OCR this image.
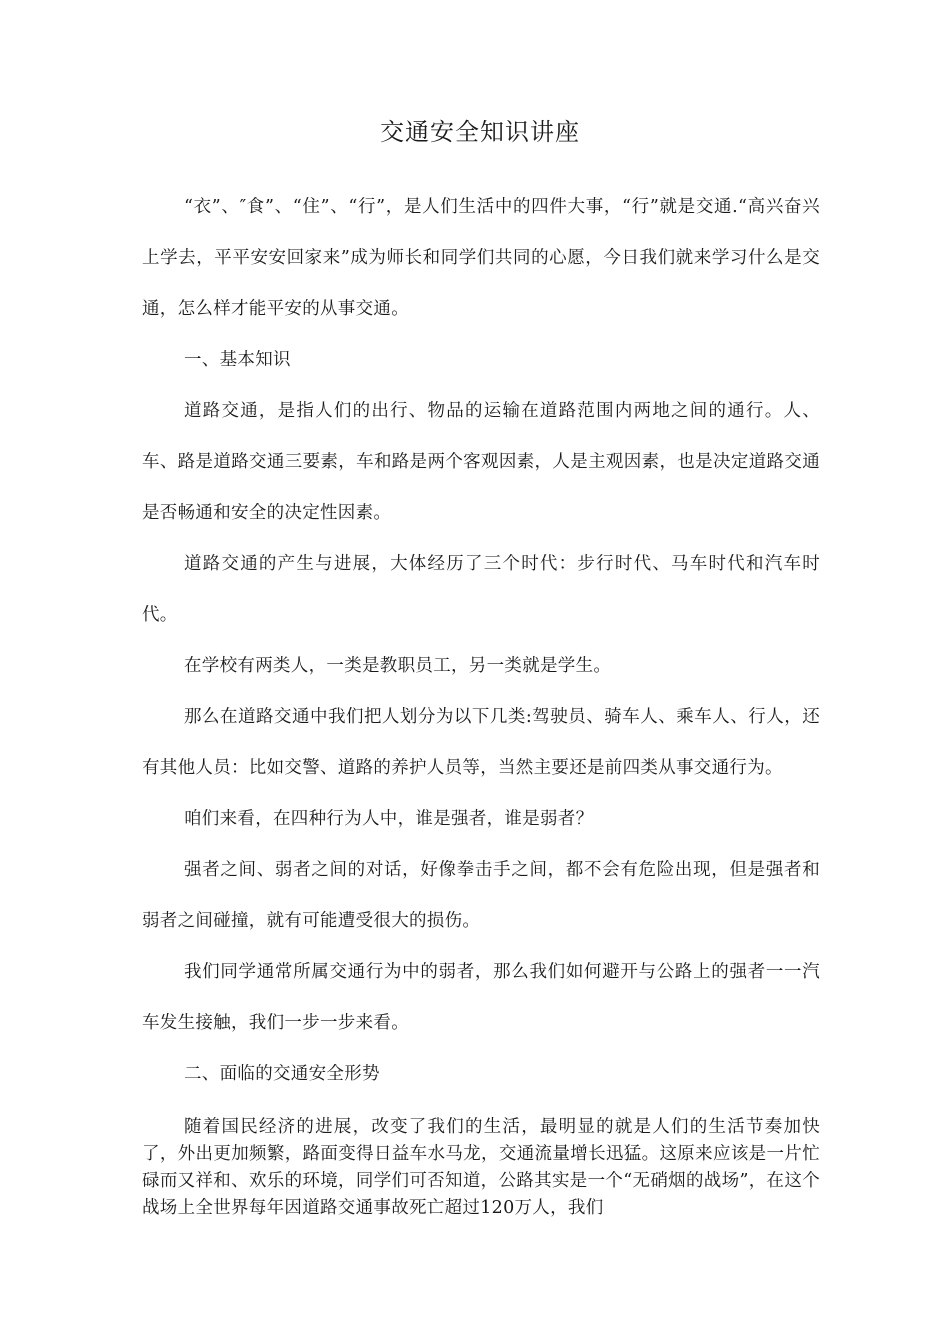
交通安全知识讲座

“衣”、″食”、“住”、“行”，是人们生活中的四件大事，“行”就是交通.“高兴奋兴上学去，平平安安回家来”成为师长和同学们共同的心愿，今日我们就来学习什么是交通，怎么样才能平安的从事交通。

一、基本知识

道路交通，是指人们的出行、物品的运输在道路范围内两地之间的通行。人、车、路是道路交通三要素，车和路是两个客观因素，人是主观因素，也是决定道路交通是否畅通和安全的决定性因素。

道路交通的产生与进展，大体经历了三个时代：步行时代、马车时代和汽车时代。

在学校有两类人，一类是教职员工，另一类就是学生。

那么在道路交通中我们把人划分为以下几类:驾驶员、骑车人、乘车人、行人，还有其他人员：比如交警、道路的养护人员等，当然主要还是前四类从事交通行为。

咱们来看，在四种行为人中，谁是强者，谁是弱者？

强者之间、弱者之间的对话，好像拳击手之间，都不会有危险出现，但是强者和弱者之间碰撞，就有可能遭受很大的损伤。

我们同学通常所属交通行为中的弱者，那么我们如何避开与公路上的强者一一汽车发生接触，我们一步一步来看。

二、面临的交通安全形势

随着国民经济的进展，改变了我们的生活，最明显的就是人们的生活节奏加快了，外出更加频繁，路面变得日益车水马龙，交通流量增长迅猛。这原来应该是一片忙碌而又祥和、欢乐的环境，同学们可否知道，公路其实是一个“无硝烟的战场”，在这个战场上全世界每年因道路交通事故死亡超过120万人，我们
